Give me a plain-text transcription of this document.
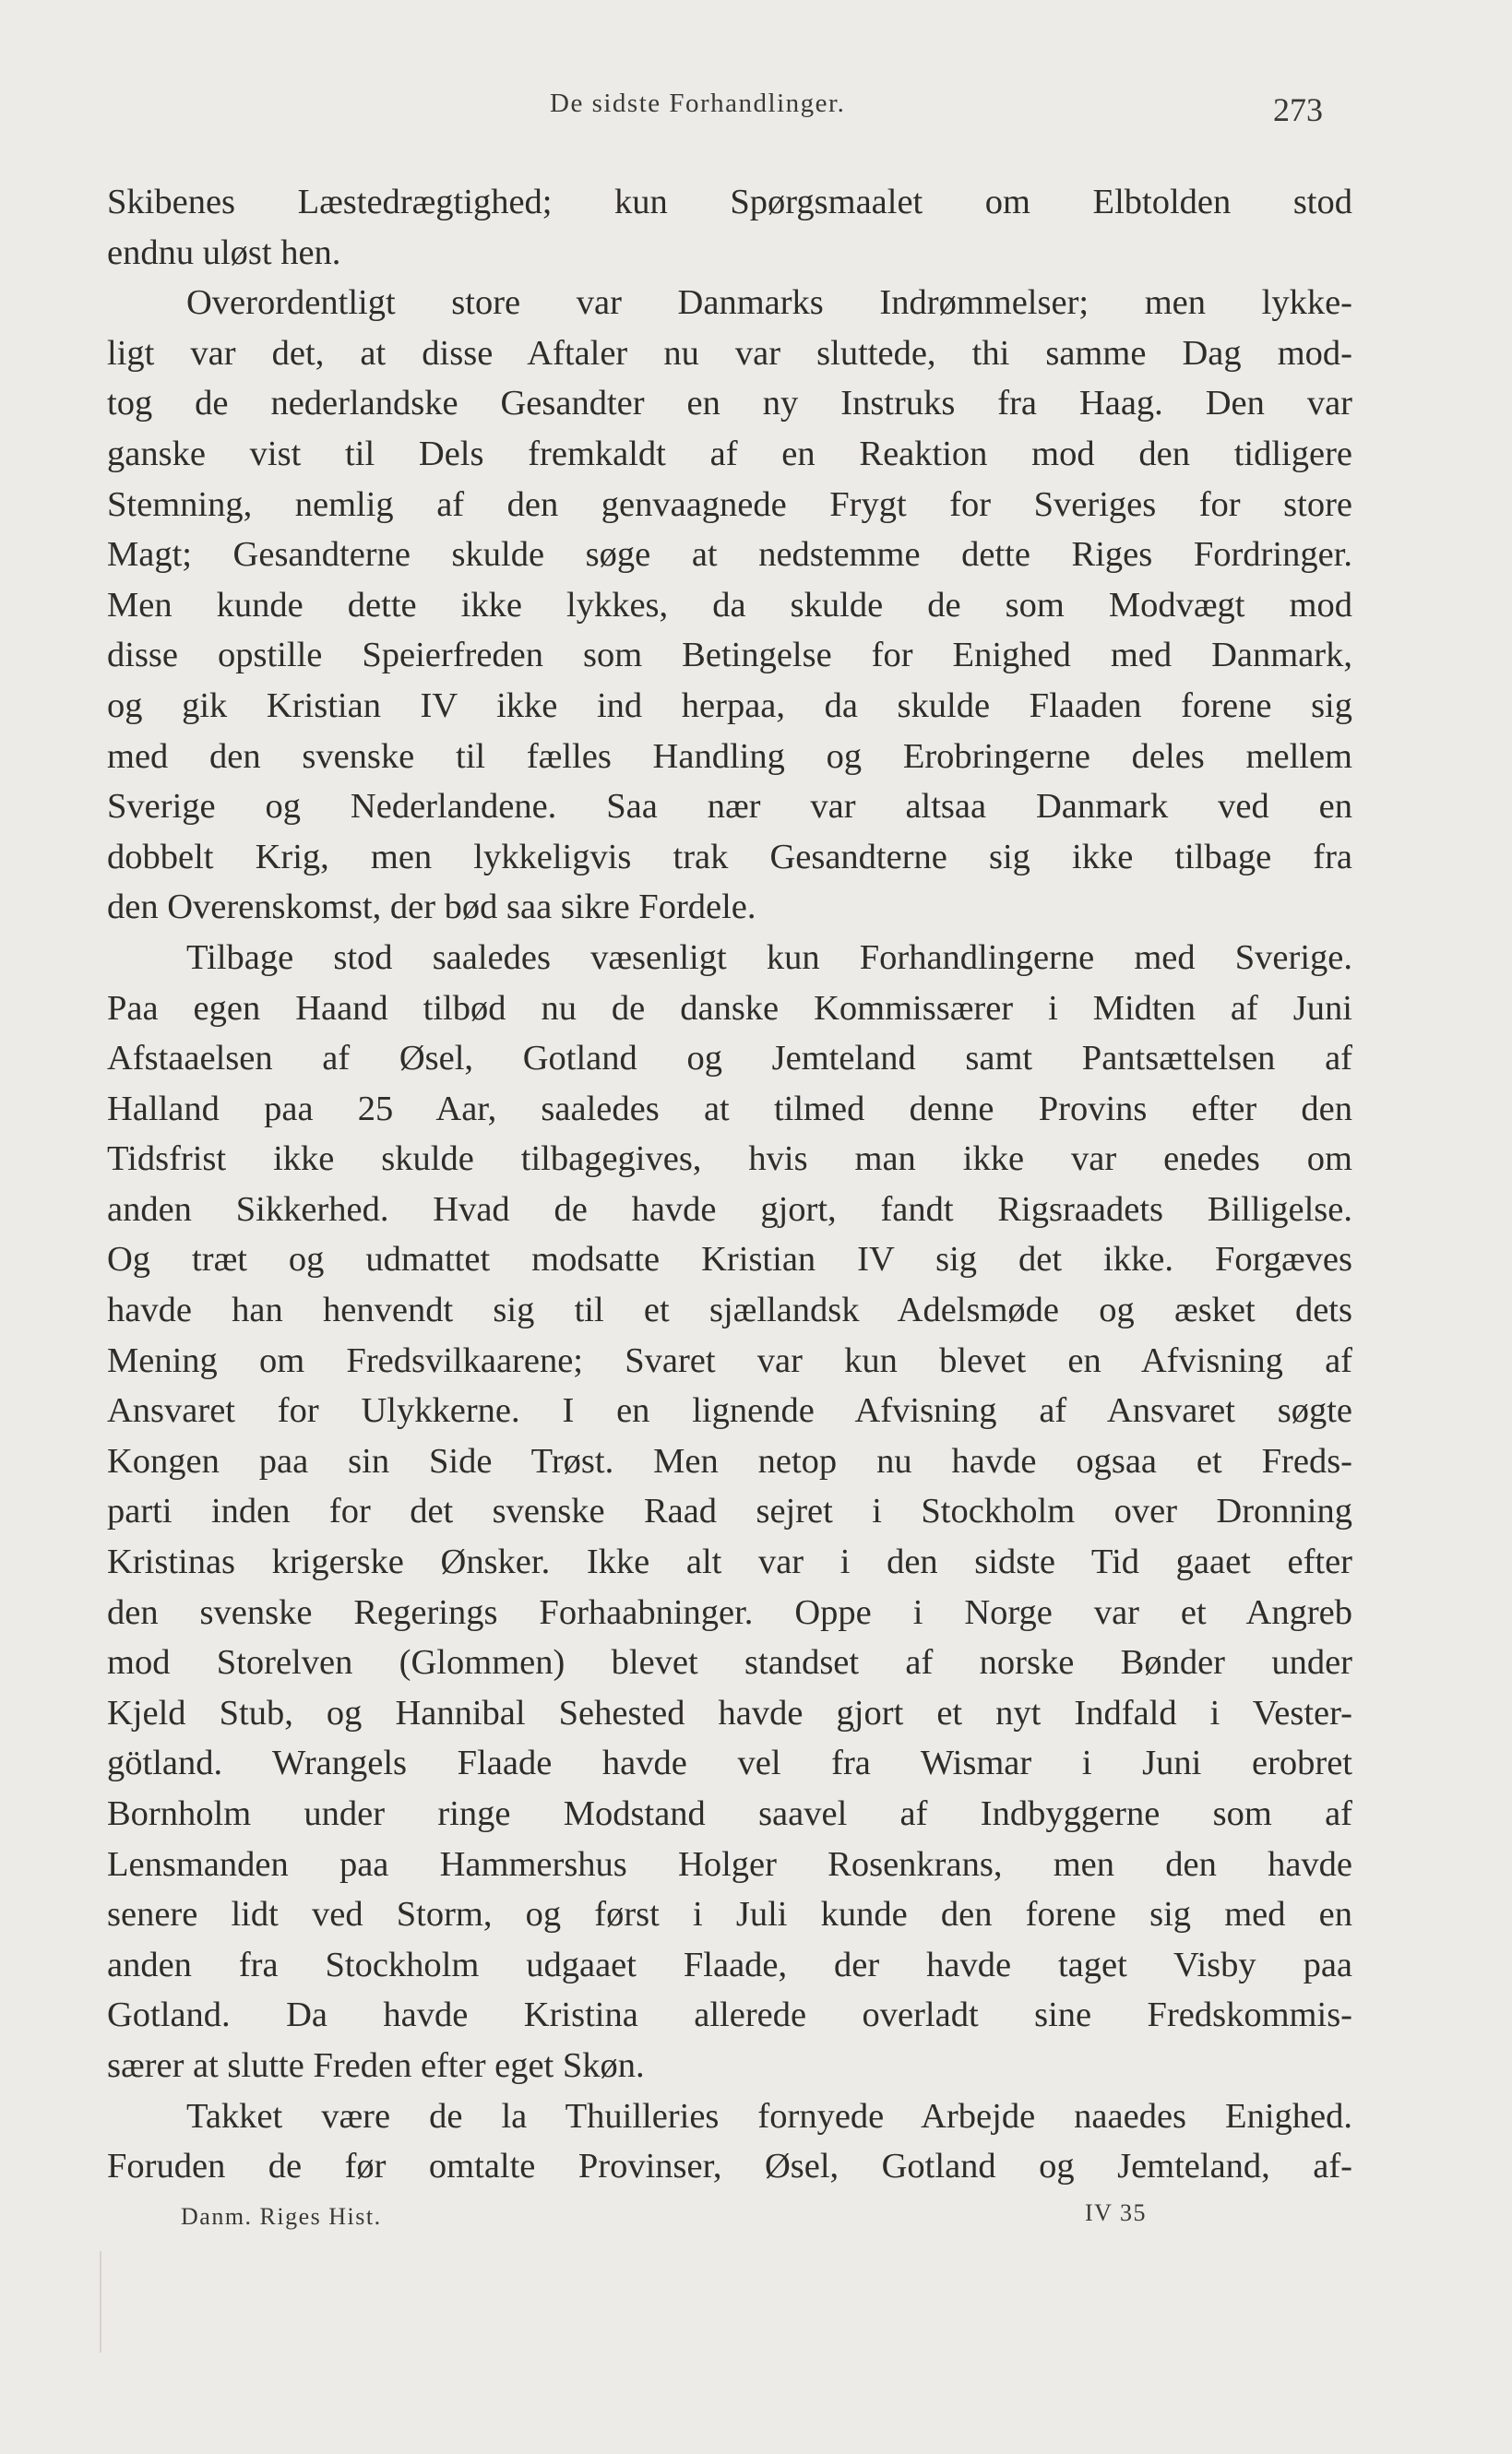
De sidste Forhandlinger.	273
Skibenes Læstedrægtighed; kun Spørgsmaalet om Elbtolden stod
endnu uløst hen.
Overordentligt store var Danmarks Indrømmelser; men lykke-
ligt var det, at disse Aftaler nu var sluttede, thi samme Dag mod-
tog de nederlandske Gesandter en ny Instruks fra Haag. Den var
ganske vist til Dels fremkaldt af en Reaktion mod den tidligere
Stemning, nemlig af den genvaagnede Frygt for Sveriges for store
Magt; Gesandterne skulde søge at nedstemme dette Riges Fordringer.
Men kunde dette ikke lykkes, da skulde de som Modvægt mod
disse opstille Speierfreden som Betingelse for Enighed med Danmark,
og gik Kristian IV ikke ind herpaa, da skulde Flaaden forene sig
med den svenske til fælles Handling og Erobringerne deles mellem
Sverige og Nederlandene. Saa nær var altsaa Danmark ved en
dobbelt Krig, men lykkeligvis trak Gesandterne sig ikke tilbage fra
den Overenskomst, der bød saa sikre Fordele.
Tilbage stod saaledes væsenligt kun Forhandlingerne med Sverige.
Paa egen Haand tilbød nu de danske Kommissærer i Midten af Juni
Afstaaelsen af Øsel, Gotland og Jemteland samt Pantsættelsen af
Halland paa 25 Aar, saaledes at tilmed denne Provins efter den
Tidsfrist ikke skulde tilbagegives, hvis man ikke var enedes om
anden Sikkerhed. Hvad de havde gjort, fandt Rigsraadets Billigelse.
Og træt og udmattet modsatte Kristian IV sig det ikke. Forgæves
havde han henvendt sig til et sjællandsk Adelsmøde og æsket dets
Mening om Fredsvilkaarene; Svaret var kun blevet en Afvisning af
Ansvaret for Ulykkerne. I en lignende Afvisning af Ansvaret søgte
Kongen paa sin Side Trøst. Men netop nu havde ogsaa et Freds-
parti inden for det svenske Raad sejret i Stockholm over Dronning
Kristinas krigerske Ønsker. Ikke alt var i den sidste Tid gaaet efter
den svenske Regerings Forhaabninger. Oppe i Norge var et Angreb
mod Storelven (Glommen) blevet standset af norske Bønder under
Kjeld Stub, og Hannibal Sehested havde gjort et nyt Indfald i Vester-
götland. Wrangels Flaade havde vel fra Wismar i Juni erobret
Bornholm under ringe Modstand saavel af Indbyggerne som af
Lensmanden paa Hammershus Holger Rosenkrans, men den havde
senere lidt ved Storm, og først i Juli kunde den forene sig med en
anden fra Stockholm udgaaet Flaade, der havde taget Visby paa
Gotland. Da havde Kristina allerede overladt sine Fredskommis-
særer at slutte Freden efter eget Skøn.
Takket være de la Thuilleries fornyede Arbejde naaedes Enighed.
Foruden de før omtalte Provinser, Øsel, Gotland og Jemteland, af-
Danm. Riges Hist.	IV 35
